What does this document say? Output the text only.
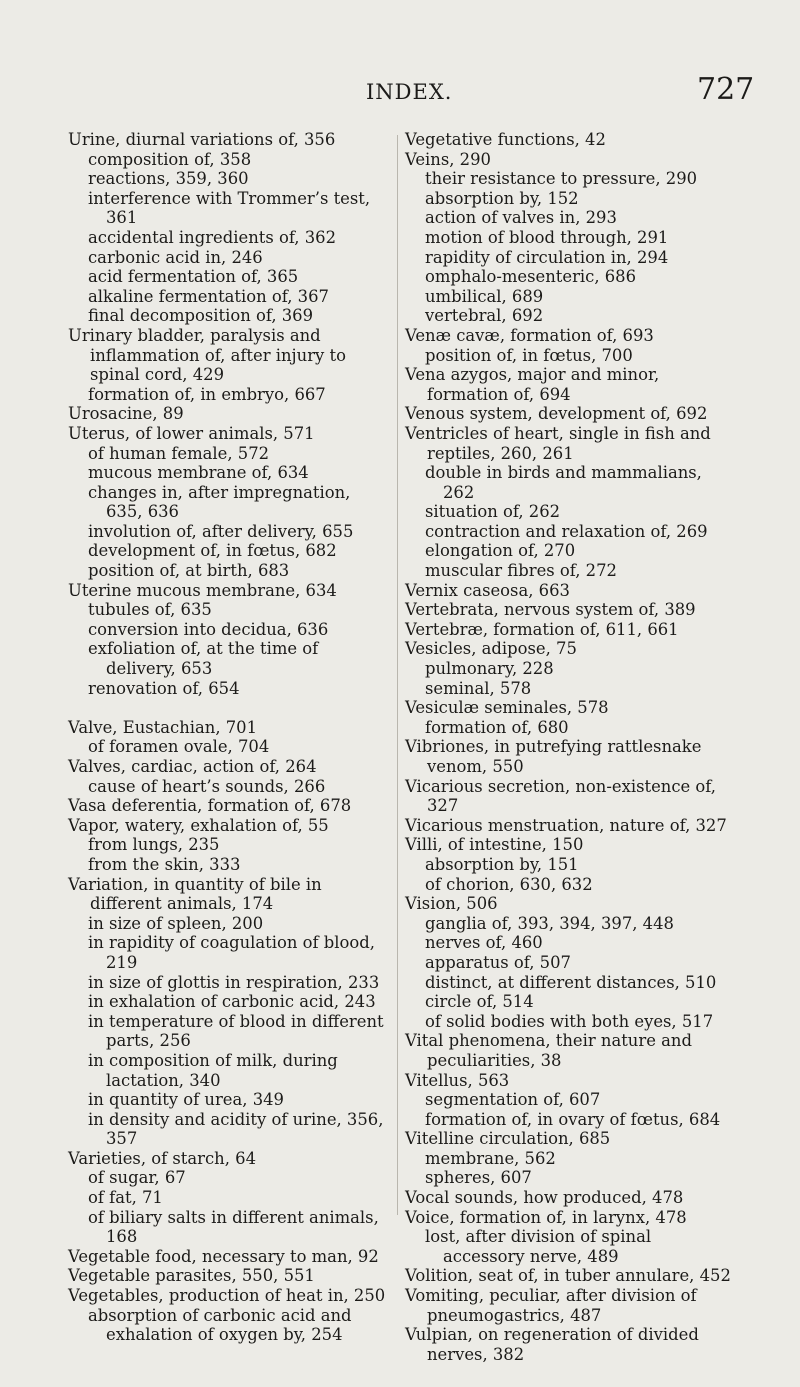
INDEX.	727
Urine, diurnal variations of, 356
composition of, 358
reactions, 359, 360
interference with Trommer’s test, 361
accidental ingredients of, 362
carbonic acid in, 246
acid fermentation of, 365
alkaline fermentation of, 367
final decomposition of, 369
Urinary bladder, paralysis and inflammation of, after injury to spinal cord, 429
formation of, in embryo, 667
Urosacine, 89
Uterus, of lower animals, 571
of human female, 572
mucous membrane of, 634
changes in, after impregnation, 635, 636
involution of, after delivery, 655
development of, in fœtus, 682
position of, at birth, 683
Uterine mucous membrane, 634
tubules of, 635
conversion into decidua, 636
exfoliation of, at the time of delivery, 653
renovation of, 654
Valve, Eustachian, 701
of foramen ovale, 704
Valves, cardiac, action of, 264
cause of heart’s sounds, 266
Vasa deferentia, formation of, 678
Vapor, watery, exhalation of, 55
from lungs, 235
from the skin, 333
Variation, in quantity of bile in different animals, 174
in size of spleen, 200
in rapidity of coagulation of blood, 219
in size of glottis in respiration, 233
in exhalation of carbonic acid, 243
in temperature of blood in different parts, 256
in composition of milk, during lactation, 340
in quantity of urea, 349
in density and acidity of urine, 356, 357
Varieties, of starch, 64
of sugar, 67
of fat, 71
of biliary salts in different animals, 168
Vegetable food, necessary to man, 92
Vegetable parasites, 550, 551
Vegetables, production of heat in, 250
absorption of carbonic acid and exhalation of oxygen by, 254
Vegetative functions, 42
Veins, 290
their resistance to pressure, 290
absorption by, 152
action of valves in, 293
motion of blood through, 291
rapidity of circulation in, 294
omphalo-mesenteric, 686
umbilical, 689
vertebral, 692
Venæ cavæ, formation of, 693
position of, in fœtus, 700
Vena azygos, major and minor, formation of, 694
Venous system, development of, 692
Ventricles of heart, single in fish and reptiles, 260, 261
double in birds and mammalians, 262
situation of, 262
contraction and relaxation of, 269
elongation of, 270
muscular fibres of, 272
Vernix caseosa, 663
Vertebrata, nervous system of, 389
Vertebræ, formation of, 611, 661
Vesicles, adipose, 75
pulmonary, 228
seminal, 578
Vesiculæ seminales, 578
formation of, 680
Vibriones, in putrefying rattlesnake venom, 550
Vicarious secretion, non-existence of, 327
Vicarious menstruation, nature of, 327
Villi, of intestine, 150
absorption by, 151
of chorion, 630, 632
Vision, 506
ganglia of, 393, 394, 397, 448
nerves of, 460
apparatus of, 507
distinct, at different distances, 510
circle of, 514
of solid bodies with both eyes, 517
Vital phenomena, their nature and peculiarities, 38
Vitellus, 563
segmentation of, 607
formation of, in ovary of fœtus, 684
Vitelline circulation, 685
membrane, 562
spheres, 607
Vocal sounds, how produced, 478
Voice, formation of, in larynx, 478
lost, after division of spinal accessory nerve, 489
Volition, seat of, in tuber annulare, 452
Vomiting, peculiar, after division of pneumogastrics, 487
Vulpian, on regeneration of divided nerves, 382
